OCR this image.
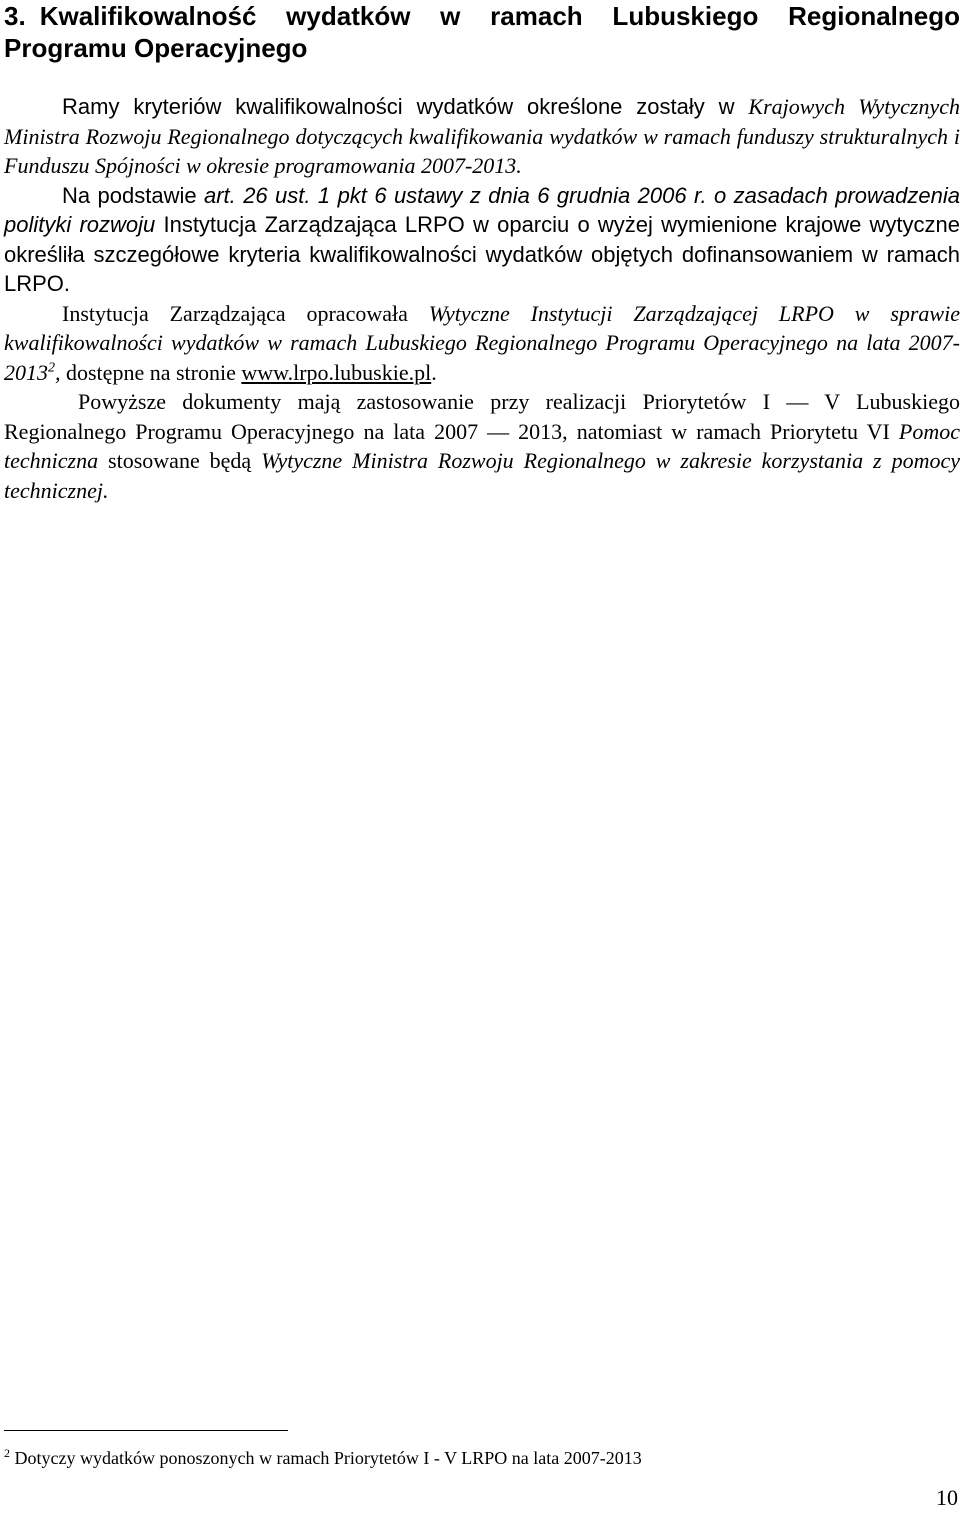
3. Kwalifikowalność wydatków w ramach Lubuskiego Regionalnego Programu Operacyjnego

Ramy kryteriów kwalifikowalności wydatków określone zostały w Krajowych Wytycznych Ministra Rozwoju Regionalnego dotyczących kwalifikowania wydatków w ramach funduszy strukturalnych i Funduszu Spójności w okresie programowania 2007-2013.

Na podstawie art. 26 ust. 1 pkt 6 ustawy z dnia 6 grudnia 2006 r. o zasadach prowadzenia polityki rozwoju Instytucja Zarządzająca LRPO w oparciu o wyżej wymienione krajowe wytyczne określiła szczegółowe kryteria kwalifikowalności wydatków objętych dofinansowaniem w ramach LRPO.

Instytucja Zarządzająca opracowała Wytyczne Instytucji Zarządzającej LRPO w sprawie kwalifikowalności wydatków w ramach Lubuskiego Regionalnego Programu Operacyjnego na lata 2007-2013$^2$, dostępne na stronie www.lrpo.lubuskie.pl.

Powyższe dokumenty mają zastosowanie przy realizacji Priorytetów I — V Lubuskiego Regionalnego Programu Operacyjnego na lata 2007 — 2013, natomiast w ramach Priorytetu VI Pomoc techniczna stosowane będą Wytyczne Ministra Rozwoju Regionalnego w zakresie korzystania z pomocy technicznej.

$^2$ Dotyczy wydatków ponoszonych w ramach Priorytetów I - V LRPO na lata 2007-2013
10
